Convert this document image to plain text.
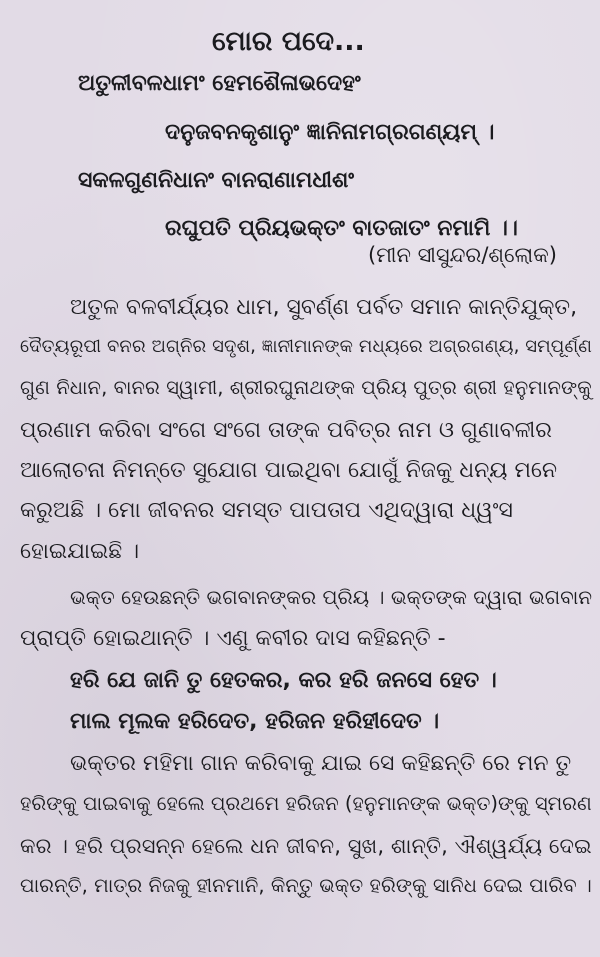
ମୋର ପଦେ...
ଅତୁଳୀବଳଧାମଂ ହେମଶୈଳାଭଦେହଂ
ଦନୁଜବନକୃଶାନୁଂ ଜ୍ଞାନିନାମଗ୍ରଗଣ୍ୟମ୍ ।
ସକଳଗୁଣନିଧାନଂ ବାନରାଣାମଧୀଶଂ
ରଘୁପତି ପ୍ରିୟଭକ୍ତଂ ବାତଜାତଂ ନମାମି ।।
(ମୀନ ସୀସୁନ୍ଦର/ଶ୍ଲୋକ)
ଅତୁଳ ବଳବୀର୍ଯ୍ୟର ଧାମ, ସୁବର୍ଣ୍ଣ ପର୍ବତ ସମାନ କାନ୍ତିଯୁକ୍ତ,
ଦୈତ୍ୟରୂପୀ ବନର ଅଗ୍ନିର ସଦୃଶ, ଜ୍ଞାନୀମାନଙ୍କ ମଧ୍ୟରେ ଅଗ୍ରଗଣ୍ୟ, ସମ୍ପୂର୍ଣ୍ଣ
ଗୁଣ ନିଧାନ, ବାନର ସ୍ୱାମୀ, ଶ୍ରୀରଘୁନାଥଙ୍କ ପ୍ରିୟ ପୁତ୍ର ଶ୍ରୀ ହନୁମାନଙ୍କୁ
ପ୍ରଣାମ କରିବା ସଂଗେ ସଂଗେ ତାଙ୍କ ପବିତ୍ର ନାମ ଓ ଗୁଣାବଳୀର
ଆଲୋଚନା ନିମନ୍ତେ ସୁଯୋଗ ପାଇଥିବା ଯୋଗୁଁ ନିଜକୁ ଧନ୍ୟ ମନେ
କରୁଅଛି । ମୋ ଜୀବନର ସମସ୍ତ ପାପତାପ ଏଥିଦ୍ୱାରା ଧ୍ୱଂସ
ହୋଇଯାଇଛି ।
ଭକ୍ତ ହେଉଛନ୍ତି ଭଗବାନଙ୍କର ପ୍ରିୟ । ଭକ୍ତଙ୍କ ଦ୍ୱାରା ଭଗବାନ
ପ୍ରାପ୍ତି ହୋଇଥାନ୍ତି । ଏଣୁ କବୀର ଦାସ କହିଛନ୍ତି -
ହରି ଯେ ଜାନି ତୁ ହେତକର, କର ହରି ଜନସେ ହେତ ।
ମାଲ ମୂଲକ ହରିଦେତ, ହରିଜନ ହରିହୀଦେତ ।
ଭକ୍ତର ମହିମା ଗାନ କରିବାକୁ ଯାଇ ସେ କହିଛନ୍ତି ରେ ମନ ତୁ
ହରିଙ୍କୁ ପାଇବାକୁ ହେଲେ ପ୍ରଥମେ ହରିଜନ (ହନୁମାନଙ୍କ ଭକ୍ତ)ଙ୍କୁ ସ୍ମରଣ
କର । ହରି ପ୍ରସନ୍ନ ହେଲେ ଧନ ଜୀବନ, ସୁଖ, ଶାନ୍ତି, ଐଶ୍ୱର୍ଯ୍ୟ ଦେଇ
ପାରନ୍ତି, ମାତ୍ର ନିଜକୁ ହୀନମାନି, କିନ୍ତୁ ଭକ୍ତ ହରିଙ୍କୁ ସାନିଧ ଦେଇ ପାରିବ ।
